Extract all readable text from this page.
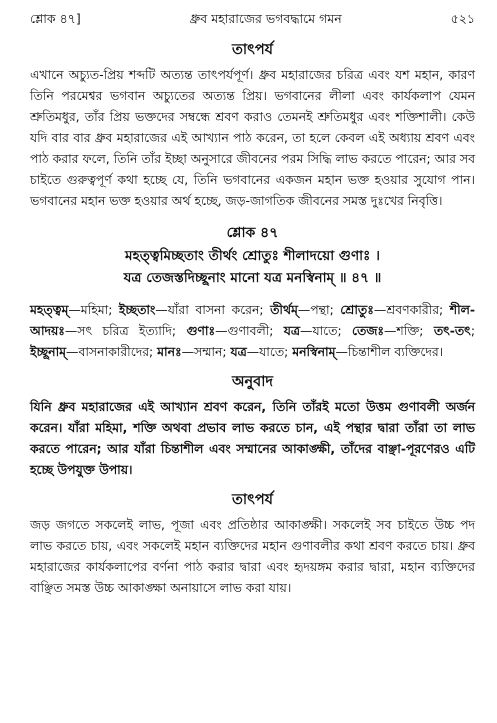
শ্লোক ৪৭]	ধ্রুব মহারাজের ভগবদ্ধামে গমন	৫২১
তাৎপর্য

এখানে অচ্যুত-প্রিয় শব্দটি অত্যন্ত তাৎপর্যপূর্ণ। ধ্রুব মহারাজের চরিত্র এবং যশ মহান, কারণ তিনি পরমেশ্বর ভগবান অচ্যুতের অত্যন্ত প্রিয়। ভগবানের লীলা এবং কার্যকলাপ যেমন শ্রুতিমধুর, তাঁর প্রিয় ভক্তদের সম্বন্ধে শ্রবণ করাও তেমনই শ্রুতিমধুর এবং শক্তিশালী। কেউ যদি বার বার ধ্রুব মহারাজের এই আখ্যান পাঠ করেন, তা হলে কেবল এই অধ্যায় শ্রবণ এবং পাঠ করার ফলে, তিনি তাঁর ইচ্ছা অনুসারে জীবনের পরম সিদ্ধি লাভ করতে পারেন; আর সব চাইতে গুরুত্বপূর্ণ কথা হচ্ছে যে, তিনি ভগবানের একজন মহান ভক্ত হওয়ার সুযোগ পান। ভগবানের মহান ভক্ত হওয়ার অর্থ হচ্ছে, জড়-জাগতিক জীবনের সমস্ত দুঃখের নিবৃত্তি।

শ্লোক ৪৭

মহত্ত্বমিচ্ছতাং তীর্থং শ্রোতুঃ শীলাদয়ো গুণাঃ ।

যত্র তেজস্তদিচ্ছূনাং মানো যত্র মনস্বিনাম্ ॥ ৪৭ ॥

মহত্ত্বম্—মহিমা; ইচ্ছতাং—যাঁরা বাসনা করেন; তীর্থম্—পন্থা; শ্রোতুঃ—শ্রবণকারীর; শীল-আদয়ঃ—সৎ চরিত্র ইত্যাদি; গুণাঃ—গুণাবলী; যত্র—যাতে; তেজঃ—শক্তি; তৎ-তৎ; ইচ্ছূনাম্—বাসনাকারীদের; মানঃ—সম্মান; যত্র—যাতে; মনস্বিনাম্—চিন্তাশীল ব্যক্তিদের।

অনুবাদ

যিনি ধ্রুব মহারাজের এই আখ্যান শ্রবণ করেন, তিনি তাঁরই মতো উত্তম গুণাবলী অর্জন করেন। যাঁরা মহিমা, শক্তি অথবা প্রভাব লাভ করতে চান, এই পন্থার দ্বারা তাঁরা তা লাভ করতে পারেন; আর যাঁরা চিন্তাশীল এবং সম্মানের আকাঙ্ক্ষী, তাঁদের বাঞ্ছা-পূরণেরও এটি হচ্ছে উপযুক্ত উপায়।

তাৎপর্য

জড় জগতে সকলেই লাভ, পূজা এবং প্রতিষ্ঠার আকাঙ্ক্ষী। সকলেই সব চাইতে উচ্চ পদ লাভ করতে চায়, এবং সকলেই মহান ব্যক্তিদের মহান গুণাবলীর কথা শ্রবণ করতে চায়। ধ্রুব মহারাজের কার্যকলাপের বর্ণনা পাঠ করার দ্বারা এবং হৃদয়ঙ্গম করার দ্বারা, মহান ব্যক্তিদের বাঞ্ছিত সমস্ত উচ্চ আকাঙ্ক্ষা অনায়াসে লাভ করা যায়।
